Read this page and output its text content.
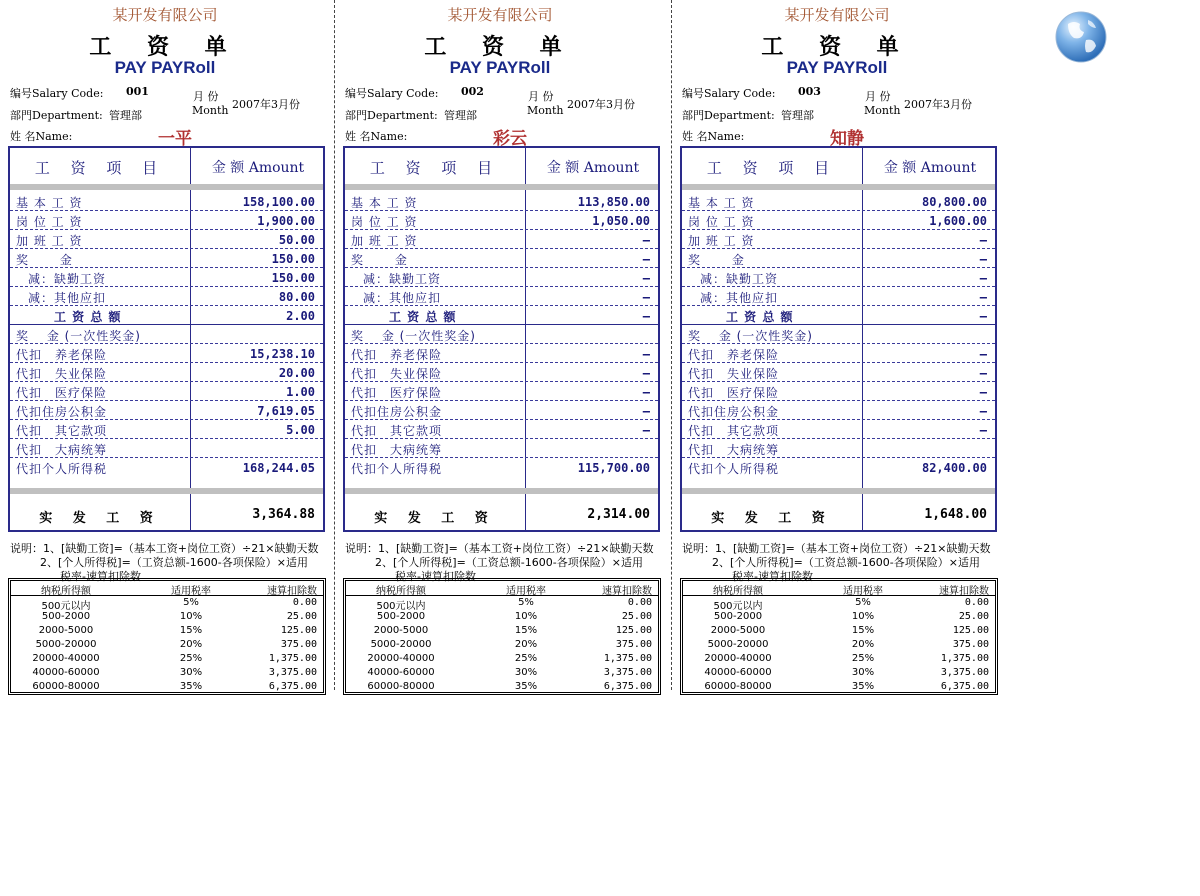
某开发有限公司
工 资 单
PAY PAYRoll
编号Salary Code: 001	月 份
Month 2007年3月份
部門Department: 管理部
姓 名Name:	一平
工 资 项 目	金 额 Amount
基 本 工 资	158,100.00
岗 位 工 资	1,900.00
加 班 工 资	50.00
奖　　 金	150.00
减：缺勤工资	150.00
减：其他应扣	80.00
工 资 总 额	2.00
奖　 金 (一次性奖金)
代扣　养老保险	15,238.10
代扣　失业保险	20.00
代扣　医疗保险	1.00
代扣住房公积金	7,619.05
代扣　其它款项	5.00
代扣　大病统筹
代扣个人所得税	168,244.05
实 发 工 资	3,364.88
说明：1、[缺勤工资]=（基本工资+岗位工资）÷21×缺勤天数
2、[个人所得税]=（工资总额-1600-各项保险）×适用
税率-速算扣除数
纳税所得额	适用税率	速算扣除数
500元以内	5%	0.00
500-2000	10%	25.00
2000-5000	15%	125.00
5000-20000	20%	375.00
20000-40000	25%	1,375.00
40000-60000	30%	3,375.00
60000-80000	35%	6,375.00
某开发有限公司
工 资 单
PAY PAYRoll
编号Salary Code: 002	月 份
Month 2007年3月份
部門Department: 管理部
姓 名Name:	彩云
工 资 项 目	金 额 Amount
基 本 工 资	113,850.00
岗 位 工 资	1,050.00
加 班 工 资	–
奖　　 金	–
减：缺勤工资	–
减：其他应扣	–
工 资 总 额	–
奖　 金 (一次性奖金)
代扣　养老保险	–
代扣　失业保险	–
代扣　医疗保险	–
代扣住房公积金	–
代扣　其它款项	–
代扣　大病统筹
代扣个人所得税	115,700.00
实 发 工 资	2,314.00
说明：1、[缺勤工资]=（基本工资+岗位工资）÷21×缺勤天数
2、[个人所得税]=（工资总额-1600-各项保险）×适用
税率-速算扣除数
纳税所得额	适用税率	速算扣除数
500元以内	5%	0.00
500-2000	10%	25.00
2000-5000	15%	125.00
5000-20000	20%	375.00
20000-40000	25%	1,375.00
40000-60000	30%	3,375.00
60000-80000	35%	6,375.00
某开发有限公司
工 资 单
PAY PAYRoll
编号Salary Code: 003	月 份
Month 2007年3月份
部門Department: 管理部
姓 名Name:	知静
工 资 项 目	金 额 Amount
基 本 工 资	80,800.00
岗 位 工 资	1,600.00
加 班 工 资	–
奖　　 金	–
减：缺勤工资	–
减：其他应扣	–
工 资 总 额	–
奖　 金 (一次性奖金)
代扣　养老保险	–
代扣　失业保险	–
代扣　医疗保险	–
代扣住房公积金	–
代扣　其它款项	–
代扣　大病统筹
代扣个人所得税	82,400.00
实 发 工 资	1,648.00
说明：1、[缺勤工资]=（基本工资+岗位工资）÷21×缺勤天数
2、[个人所得税]=（工资总额-1600-各项保险）×适用
税率-速算扣除数
纳税所得额	适用税率	速算扣除数
500元以内	5%	0.00
500-2000	10%	25.00
2000-5000	15%	125.00
5000-20000	20%	375.00
20000-40000	25%	1,375.00
40000-60000	30%	3,375.00
60000-80000	35%	6,375.00
